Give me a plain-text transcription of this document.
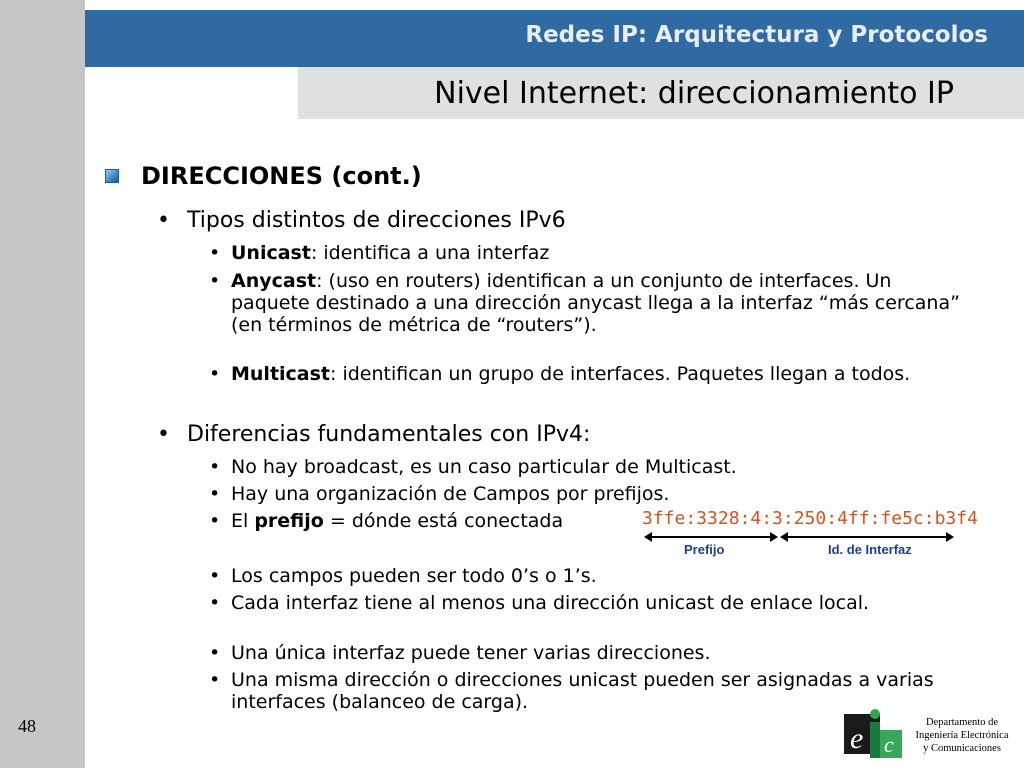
Redes IP: Arquitectura y Protocolos
Nivel Internet: direccionamiento IP
DIRECCIONES (cont.)
• Tipos distintos de direcciones IPv6
• Unicast: identifica a una interfaz
• Anycast: (uso en routers) identifican a un conjunto de interfaces. Un paquete destinado a una dirección anycast llega a la interfaz “más cercana” (en términos de métrica de “routers”).
• Multicast: identifican un grupo de interfaces. Paquetes llegan a todos.
• Diferencias fundamentales con IPv4:
• No hay broadcast, es un caso particular de Multicast.
• Hay una organización de Campos por prefijos.
• El prefijo = dónde está conectada
• Los campos pueden ser todo 0’s o 1’s.
• Cada interfaz tiene al menos una dirección unicast de enlace local.
• Una única interfaz puede tener varias direcciones.
• Una misma dirección o direcciones unicast pueden ser asignadas a varias interfaces (balanceo de carga).
3ffe:3328:4:3:250:4ff:fe5c:b3f4
Prefijo	Id. de Interfaz
48	e c
Departamento de
Ingeniería Electrónica
y Comunicaciones
